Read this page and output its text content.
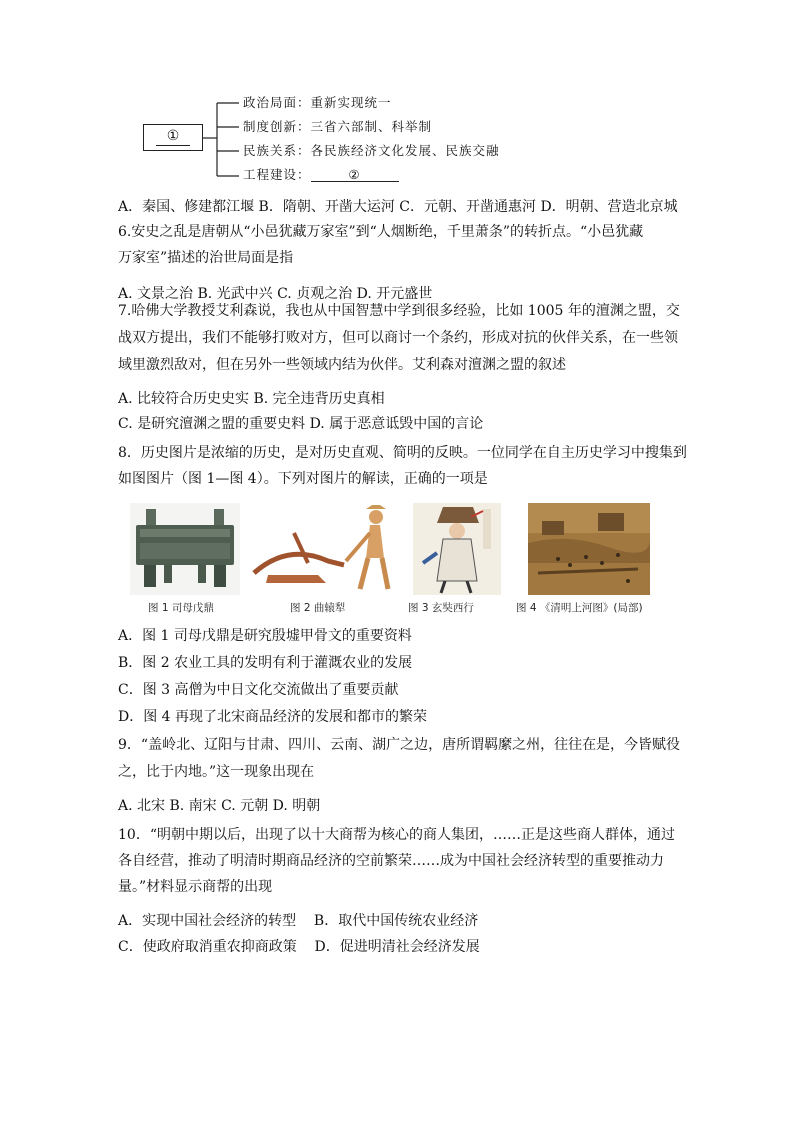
①
政治局面：重新实现统一
制度创新：三省六部制、科举制
民族关系：各民族经济文化发展、民族交融
工程建设：	②
A．秦国、修建都江堰 B．隋朝、开凿大运河 C．元朝、开凿通惠河 D．明朝、营造北京城
6.安史之乱是唐朝从“小邑犹藏万家室”到“人烟断绝，千里萧条”的转折点。“小邑犹藏
万家室”描述的治世局面是指
A. 文景之治 B. 光武中兴 C. 贞观之治 D. 开元盛世
7.哈佛大学教授艾利森说，我也从中国智慧中学到很多经验，比如 1005 年的澶渊之盟，交
战双方提出，我们不能够打败对方，但可以商讨一个条约，形成对抗的伙伴关系，在一些领
域里激烈敌对，但在另外一些领域内结为伙伴。艾利森对澶渊之盟的叙述
A. 比较符合历史史实 B. 完全违背历史真相
C. 是研究澶渊之盟的重要史料 D. 属于恶意诋毁中国的言论
8．历史图片是浓缩的历史，是对历史直观、简明的反映。一位同学在自主历史学习中搜集到
如图图片（图 1—图 4）。下列对图片的解读，正确的一项是
图 1 司母戊鼎	图 2 曲辕犁	图 3 玄奘西行	图 4 《清明上河图》(局部)
A．图 1 司母戊鼎是研究殷墟甲骨文的重要资料
B．图 2 农业工具的发明有利于灌溉农业的发展
C．图 3 高僧为中日文化交流做出了重要贡献
D．图 4 再现了北宋商品经济的发展和都市的繁荣
9．“盖岭北、辽阳与甘肃、四川、云南、湖广之边，唐所谓羁縻之州，往往在是，今皆赋役
之，比于内地。”这一现象出现在
A. 北宋 B. 南宋 C. 元朝 D. 明朝
10．“明朝中期以后，出现了以十大商帮为核心的商人集团，……正是这些商人群体，通过
各自经营，推动了明清时期商品经济的空前繁荣……成为中国社会经济转型的重要推动力
量。”材料显示商帮的出现
A．实现中国社会经济的转型    B．取代中国传统农业经济
C．使政府取消重农抑商政策    D．促进明清社会经济发展
